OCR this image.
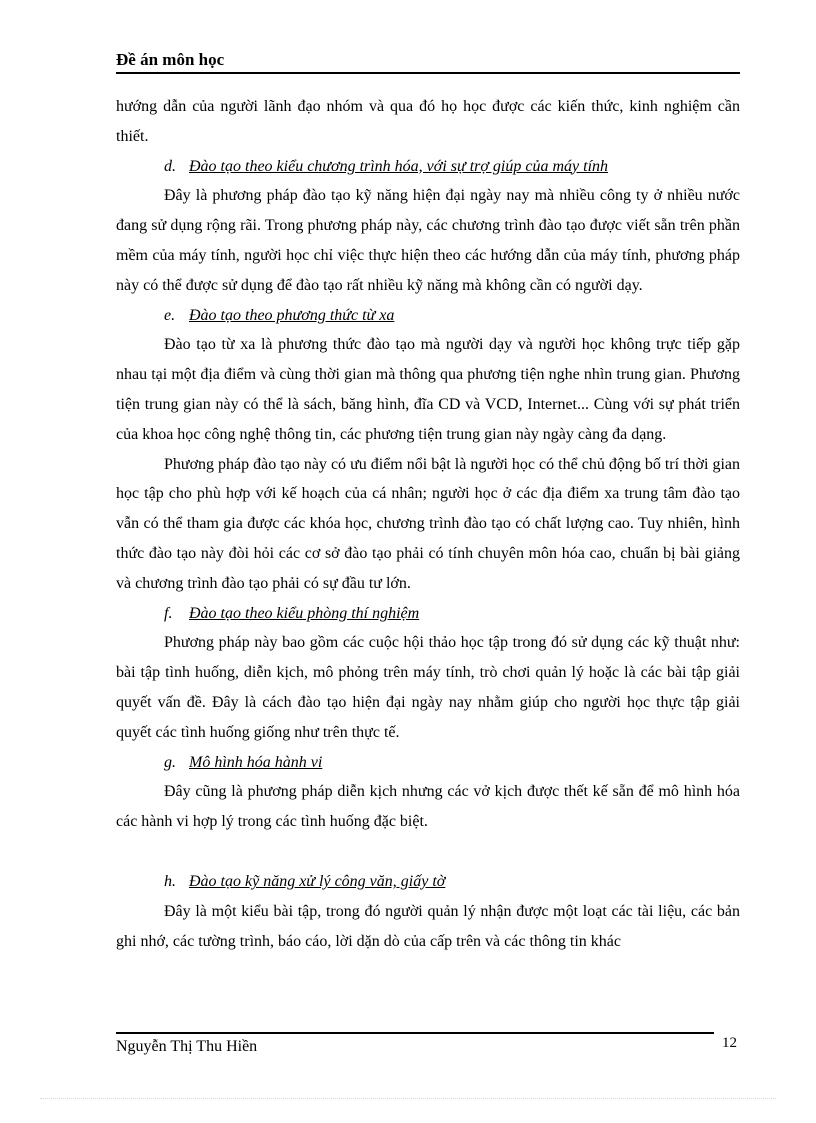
Đề án môn học

hướng dẫn của người lãnh đạo nhóm và qua đó họ học được các kiến thức, kinh nghiệm cần thiết.

d. Đào tạo theo kiểu chương trình hóa, với sự trợ giúp của máy tính

Đây là phương pháp đào tạo kỹ năng hiện đại ngày nay mà nhiều công ty ở nhiều nước đang sử dụng rộng rãi. Trong phương pháp này, các chương trình đào tạo được viết sẵn trên phần mềm của máy tính, người học chỉ việc thực hiện theo các hướng dẫn của máy tính, phương pháp này có thể được sử dụng để đào tạo rất nhiều kỹ năng mà không cần có người dạy.

e. Đào tạo theo phương thức từ xa

Đào tạo từ xa là phương thức đào tạo mà người dạy và người học không trực tiếp gặp nhau tại một địa điểm và cùng thời gian mà thông qua phương tiện nghe nhìn trung gian. Phương tiện trung gian này có thể là sách, băng hình, đĩa CD và VCD, Internet... Cùng với sự phát triển của khoa học công nghệ thông tin, các phương tiện trung gian này ngày càng đa dạng.

Phương pháp đào tạo này có ưu điểm nổi bật là người học có thể chủ động bố trí thời gian học tập cho phù hợp với kế hoạch của cá nhân; người học ở các địa điểm xa trung tâm đào tạo vẫn có thể tham gia được các khóa học, chương trình đào tạo có chất lượng cao. Tuy nhiên, hình thức đào tạo này đòi hỏi các cơ sở đào tạo phải có tính chuyên môn hóa cao, chuẩn bị bài giảng và chương trình đào tạo phải có sự đầu tư lớn.

f. Đào tạo theo kiểu phòng thí nghiệm

Phương pháp này bao gồm các cuộc hội thảo học tập trong đó sử dụng các kỹ thuật như: bài tập tình huống, diễn kịch, mô phỏng trên máy tính, trò chơi quản lý hoặc là các bài tập giải quyết vấn đề. Đây là cách đào tạo hiện đại ngày nay nhằm giúp cho người học thực tập giải quyết các tình huống giống như trên thực tế.

g. Mô hình hóa hành vi

Đây cũng là phương pháp diễn kịch nhưng các vở kịch được thết kế sẵn để mô hình hóa các hành vi hợp lý trong các tình huống đặc biệt.

h. Đào tạo kỹ năng xử lý công văn, giấy tờ

Đây là một kiểu bài tập, trong đó người quản lý nhận được một loạt các tài liệu, các bản ghi nhớ, các tường trình, báo cáo, lời dặn dò của cấp trên và các thông tin khác

Nguyễn Thị Thu Hiền	12
